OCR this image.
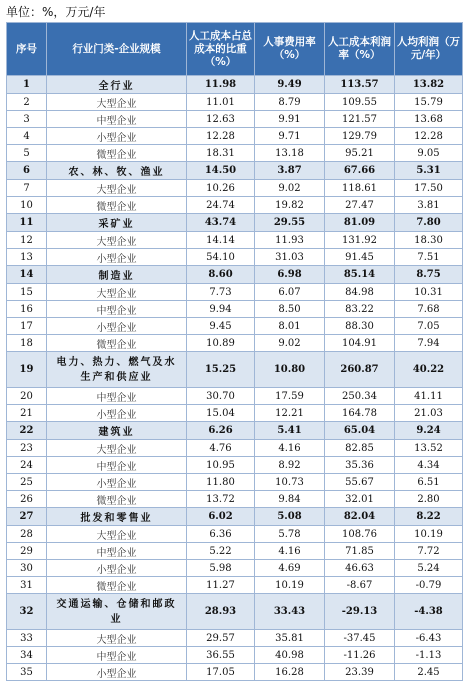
单位：%，万元/年
序号	行业门类-企业规模	人工成本占总成本的比重（%）	人事费用率（%）	人工成本利润率（%）	人均利润（万元/年）
1	全行业	11.98	9.49	113.57	13.82
2	大型企业	11.01	8.79	109.55	15.79
3	中型企业	12.63	9.91	121.57	13.68
4	小型企业	12.28	9.71	129.79	12.28
5	微型企业	18.31	13.18	95.21	9.05
6	农、林、牧、渔业	14.50	3.87	67.66	5.31
7	大型企业	10.26	9.02	118.61	17.50
10	微型企业	24.74	19.82	27.47	3.81
11	采矿业	43.74	29.55	81.09	7.80
12	大型企业	14.14	11.93	131.92	18.30
13	小型企业	54.10	31.03	91.45	7.51
14	制造业	8.60	6.98	85.14	8.75
15	大型企业	7.73	6.07	84.98	10.31
16	中型企业	9.94	8.50	83.22	7.68
17	小型企业	9.45	8.01	88.30	7.05
18	微型企业	10.89	9.02	104.91	7.94
19	电力、热力、燃气及水生产和供应业	15.25	10.80	260.87	40.22
20	中型企业	30.70	17.59	250.34	41.11
21	小型企业	15.04	12.21	164.78	21.03
22	建筑业	6.26	5.41	65.04	9.24
23	大型企业	4.76	4.16	82.85	13.52
24	中型企业	10.95	8.92	35.36	4.34
25	小型企业	11.80	10.73	55.67	6.51
26	微型企业	13.72	9.84	32.01	2.80
27	批发和零售业	6.02	5.08	82.04	8.22
28	大型企业	6.36	5.78	108.76	10.19
29	中型企业	5.22	4.16	71.85	7.72
30	小型企业	5.98	4.69	46.63	5.24
31	微型企业	11.27	10.19	-8.67	-0.79
32	交通运输、仓储和邮政业	28.93	33.43	-29.13	-4.38
33	大型企业	29.57	35.81	-37.45	-6.43
34	中型企业	36.55	40.98	-11.26	-1.13
35	小型企业	17.05	16.28	23.39	2.45
